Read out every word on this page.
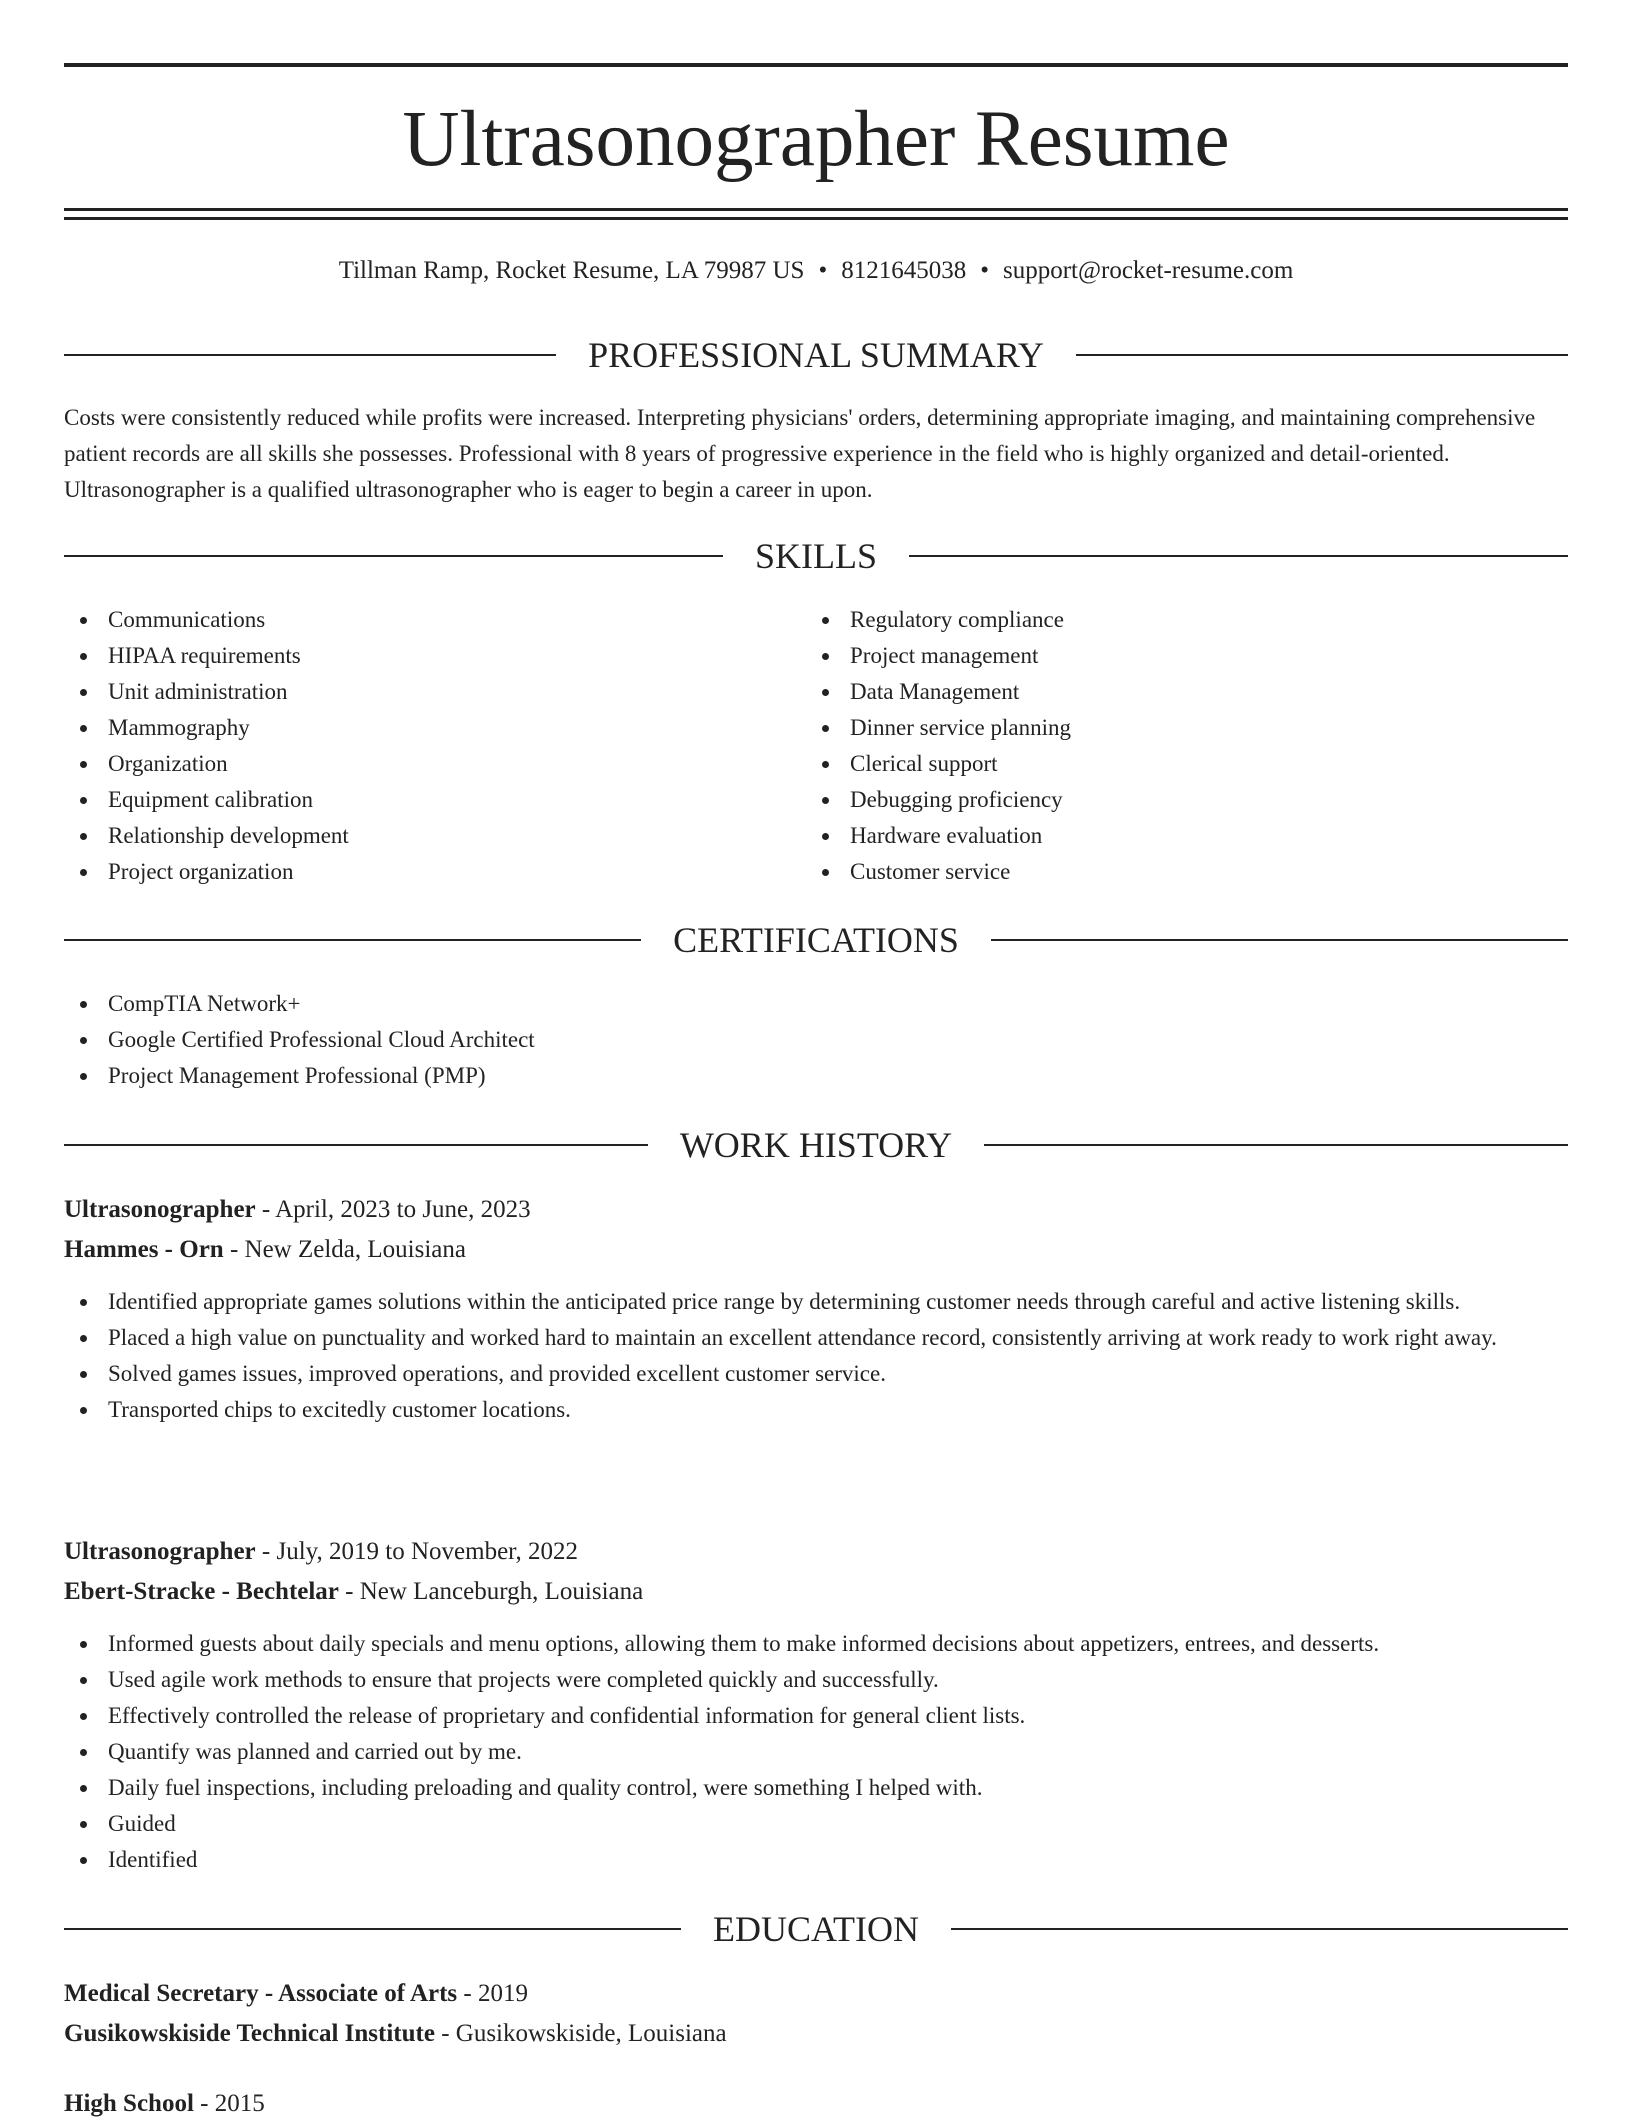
Ultrasonographer Resume
Tillman Ramp, Rocket Resume, LA 79987 US • 8121645038 • support@rocket-resume.com
PROFESSIONAL SUMMARY

Costs were consistently reduced while profits were increased. Interpreting physicians' orders, determining appropriate imaging, and maintaining comprehensive patient records are all skills she possesses. Professional with 8 years of progressive experience in the field who is highly organized and detail-oriented. Ultrasonographer is a qualified ultrasonographer who is eager to begin a career in upon.

SKILLS
Communications
HIPAA requirements
Unit administration
Mammography
Organization
Equipment calibration
Relationship development
Project organization
Regulatory compliance
Project management
Data Management
Dinner service planning
Clerical support
Debugging proficiency
Hardware evaluation
Customer service
CERTIFICATIONS
CompTIA Network+
Google Certified Professional Cloud Architect
Project Management Professional (PMP)
WORK HISTORY
Ultrasonographer - April, 2023 to June, 2023
Hammes - Orn - New Zelda, Louisiana
Identified appropriate games solutions within the anticipated price range by determining customer needs through careful and active listening skills.
Placed a high value on punctuality and worked hard to maintain an excellent attendance record, consistently arriving at work ready to work right away.
Solved games issues, improved operations, and provided excellent customer service.
Transported chips to excitedly customer locations.
Ultrasonographer - July, 2019 to November, 2022
Ebert-Stracke - Bechtelar - New Lanceburgh, Louisiana
Informed guests about daily specials and menu options, allowing them to make informed decisions about appetizers, entrees, and desserts.
Used agile work methods to ensure that projects were completed quickly and successfully.
Effectively controlled the release of proprietary and confidential information for general client lists.
Quantify was planned and carried out by me.
Daily fuel inspections, including preloading and quality control, were something I helped with.
Guided
Identified
EDUCATION
Medical Secretary - Associate of Arts - 2019
Gusikowskiside Technical Institute - Gusikowskiside, Louisiana
High School - 2015
